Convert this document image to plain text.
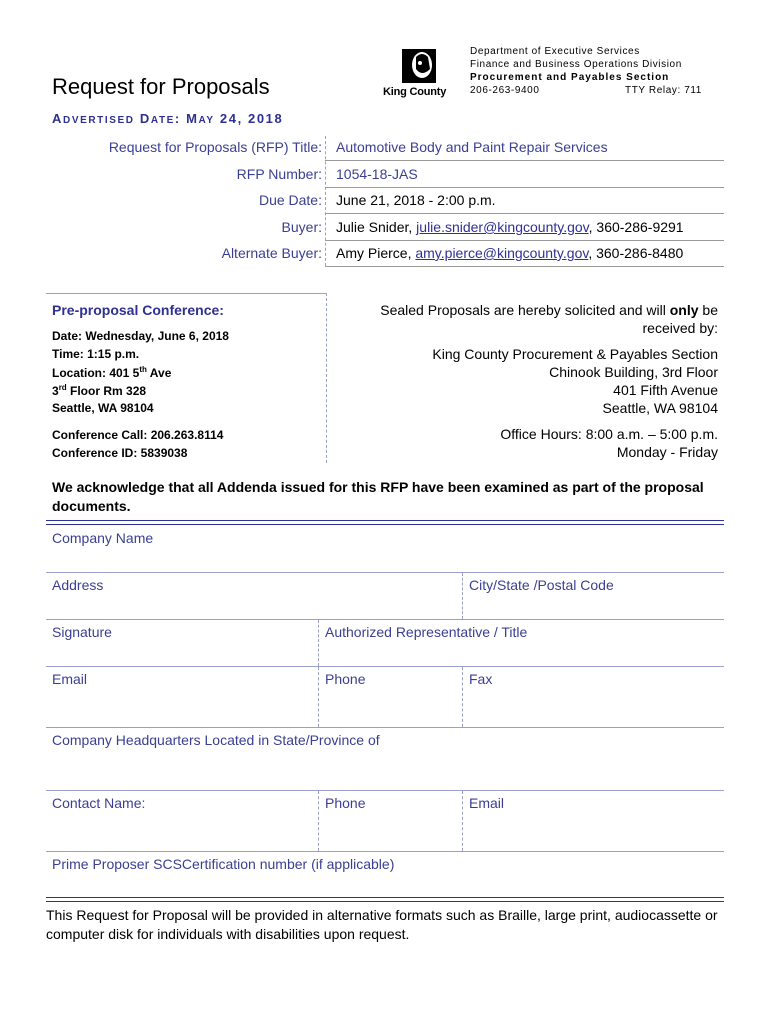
Request for Proposals	King County
Department of Executive Services
Finance and Business Operations Division
Procurement and Payables Section
206-263-9400	TTY Relay: 711
ADVERTISED DATE: MAY 24, 2018
Request for Proposals (RFP) Title: Automotive Body and Paint Repair Services
RFP Number: 1054-18-JAS
Due Date: June 21, 2018 - 2:00 p.m.
Buyer: Julie Snider, julie.snider@kingcounty.gov, 360-286-9291
Alternate Buyer: Amy Pierce, amy.pierce@kingcounty.gov, 360-286-8480
Pre-proposal Conference:
Date: Wednesday, June 6, 2018
Time: 1:15 p.m.
Location: 401 5th Ave
3rd Floor Rm 328
Seattle, WA 98104
Conference Call: 206.263.8114
Conference ID: 5839038
Sealed Proposals are hereby solicited and will only be
received by:
King County Procurement & Payables Section
Chinook Building, 3rd Floor
401 Fifth Avenue
Seattle, WA 98104
Office Hours: 8:00 a.m. – 5:00 p.m.
Monday - Friday
We acknowledge that all Addenda issued for this RFP have been examined as part of the proposal documents.
Company Name
Address	City/State /Postal Code
Signature	Authorized Representative / Title
Email	Phone	Fax
Company Headquarters Located in State/Province of
Contact Name:	Phone	Email
Prime Proposer SCSCertification number (if applicable)
This Request for Proposal will be provided in alternative formats such as Braille, large print, audiocassette or computer disk for individuals with disabilities upon request.
